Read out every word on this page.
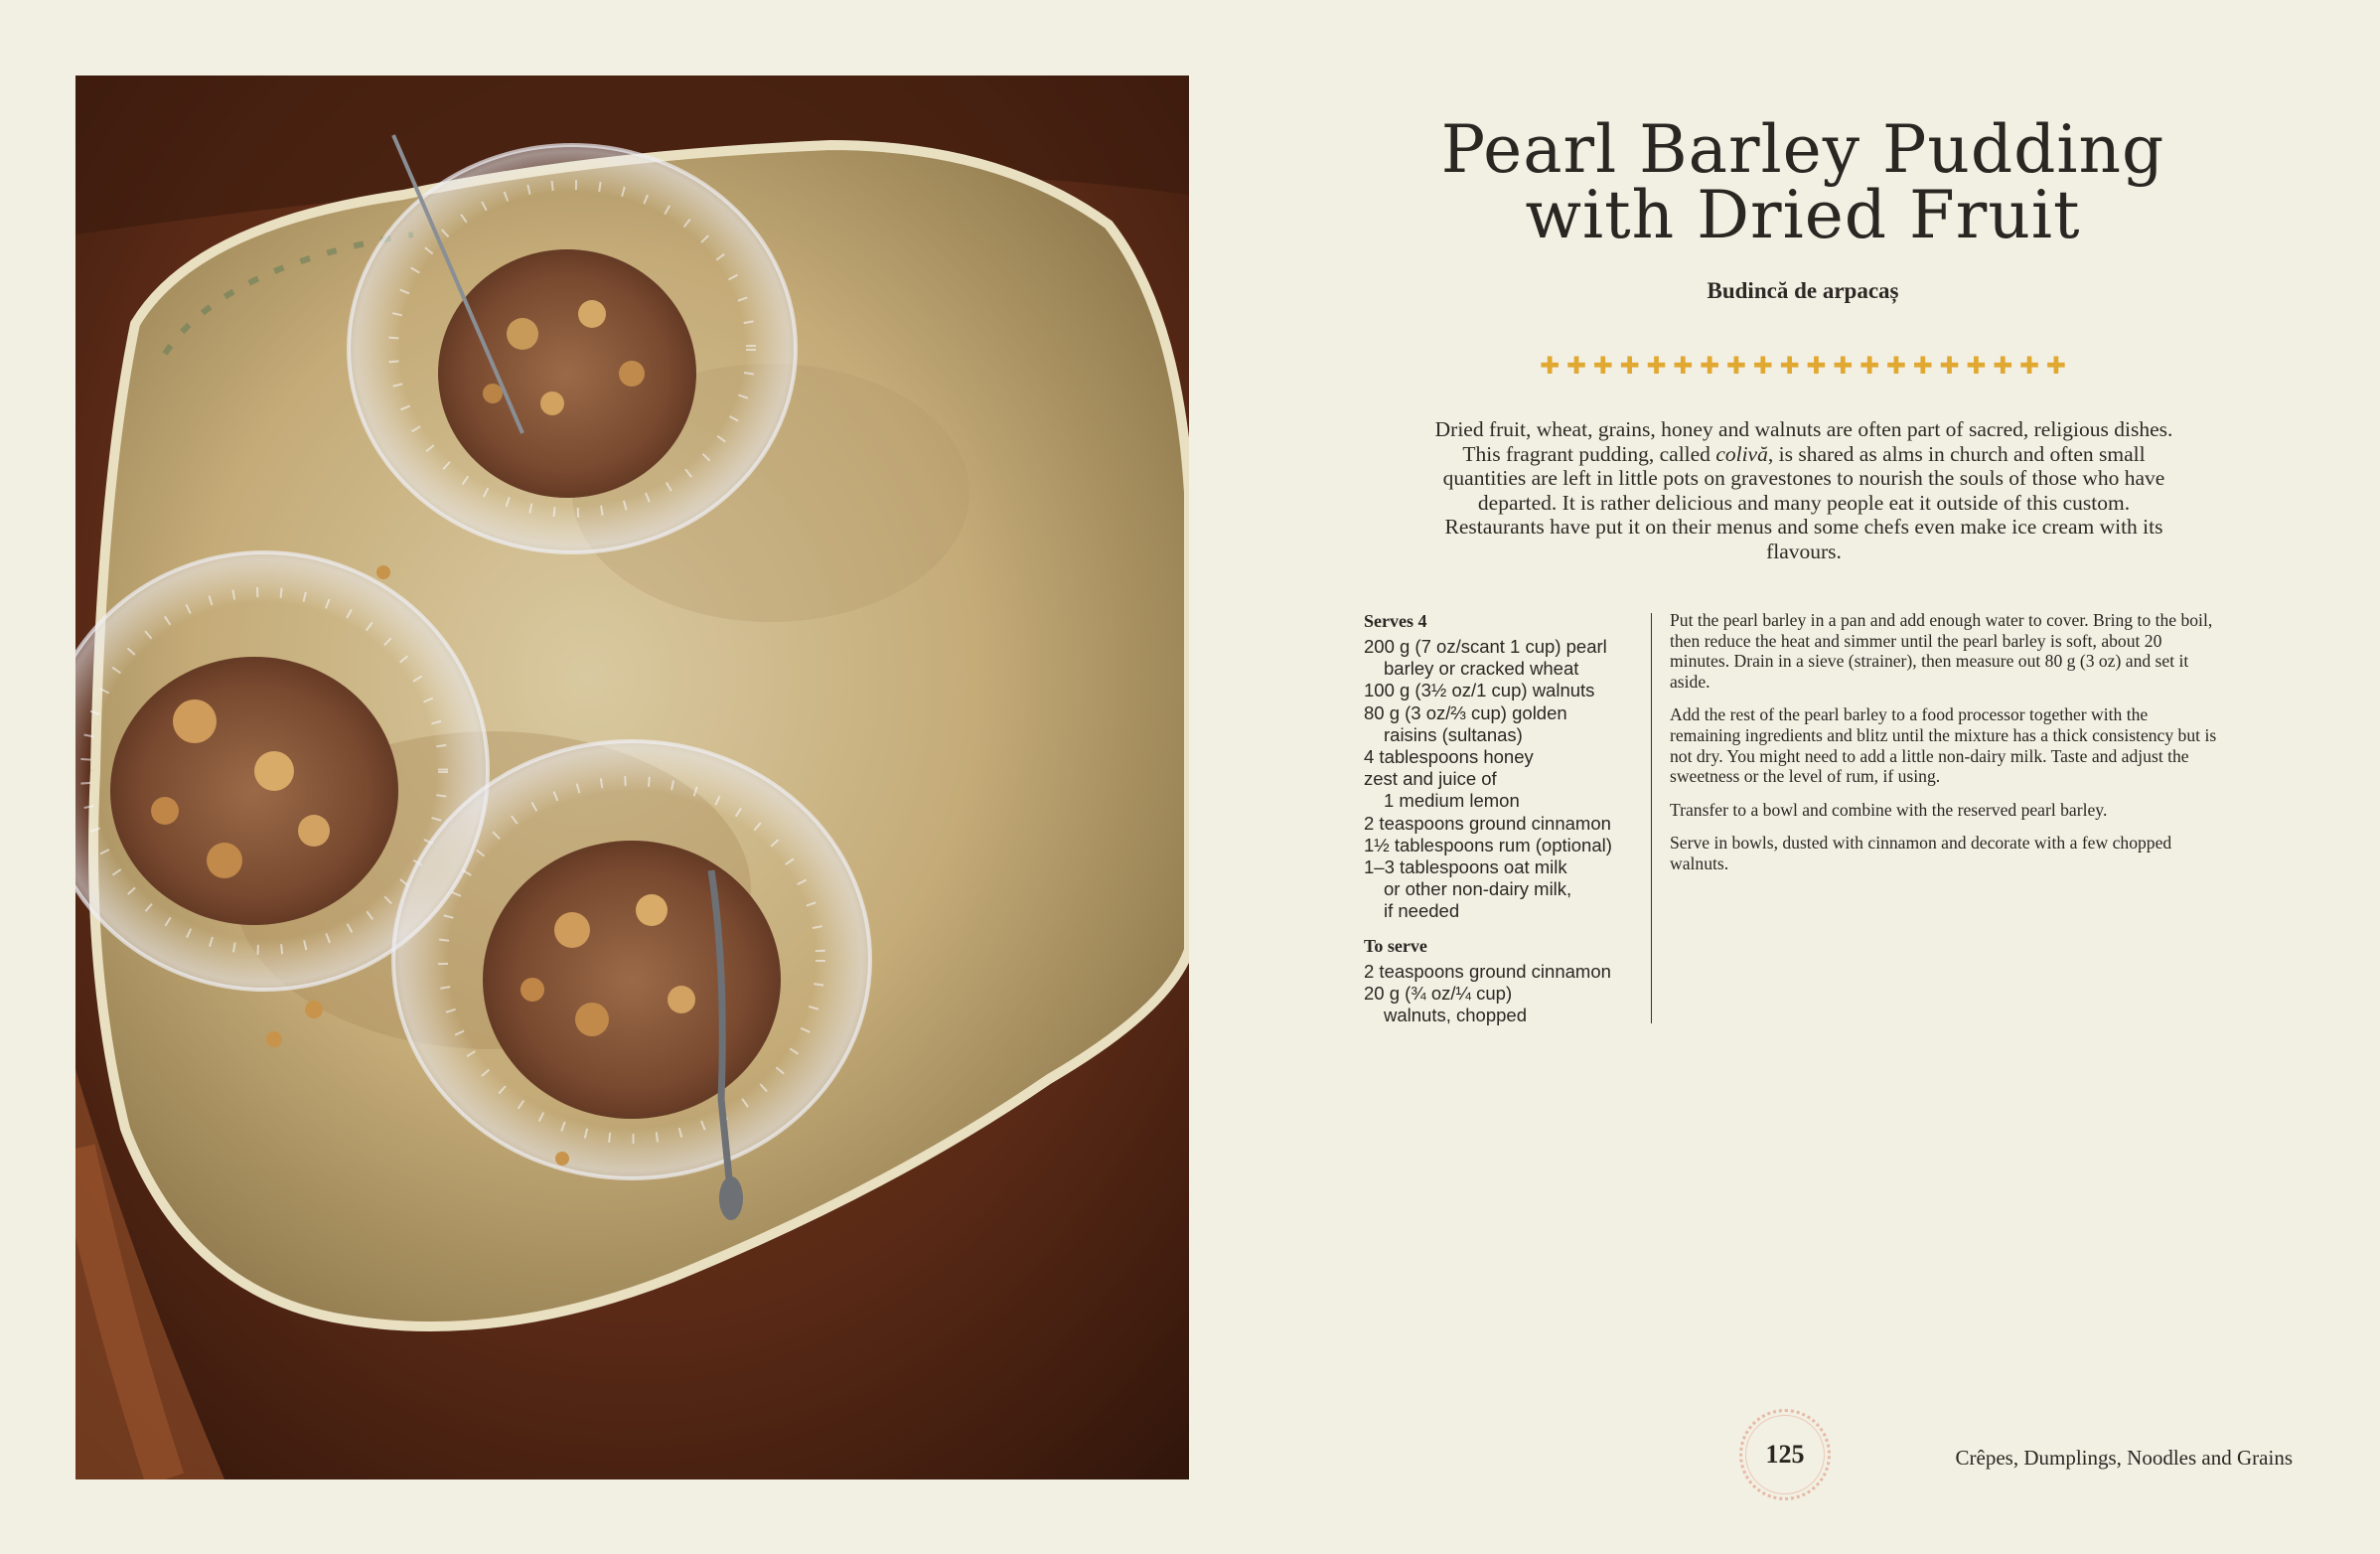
Pearl Barley Pudding
with Dried Fruit
Budincă de arpacaș
✚ ✚ ✚ ✚ ✚ ✚ ✚ ✚ ✚ ✚ ✚ ✚ ✚ ✚ ✚ ✚ ✚ ✚ ✚ ✚
Dried fruit, wheat, grains, honey and walnuts are often part of sacred, religious dishes. This fragrant pudding, called colivă, is shared as alms in church and often small quantities are left in little pots on gravestones to nourish the souls of those who have departed. It is rather delicious and many people eat it outside of this custom. Restaurants have put it on their menus and some chefs even make ice cream with its flavours.
Serves 4

200 g (7 oz/scant 1 cup) pearl
barley or cracked wheat

100 g (3½ oz/1 cup) walnuts

80 g (3 oz/⅔ cup) golden
raisins (sultanas)

4 tablespoons honey

zest and juice of
1 medium lemon

2 teaspoons ground cinnamon

1½ tablespoons rum (optional)

1–3 tablespoons oat milk
or other non-dairy milk,

if needed

To serve

2 teaspoons ground cinnamon

20 g (¾ oz/¼ cup)
walnuts, chopped

Put the pearl barley in a pan and add enough water to cover. Bring to the boil, then reduce the heat and simmer until the pearl barley is soft, about 20 minutes. Drain in a sieve (strainer), then measure out 80 g (3 oz) and set it aside.

Add the rest of the pearl barley to a food processor together with the remaining ingredients and blitz until the mixture has a thick consistency but is not dry. You might need to add a little non-dairy milk. Taste and adjust the sweetness or the level of rum, if using.

Transfer to a bowl and combine with the reserved pearl barley.

Serve in bowls, dusted with cinnamon and decorate with a few chopped walnuts.

125	Crêpes, Dumplings, Noodles and Grains
